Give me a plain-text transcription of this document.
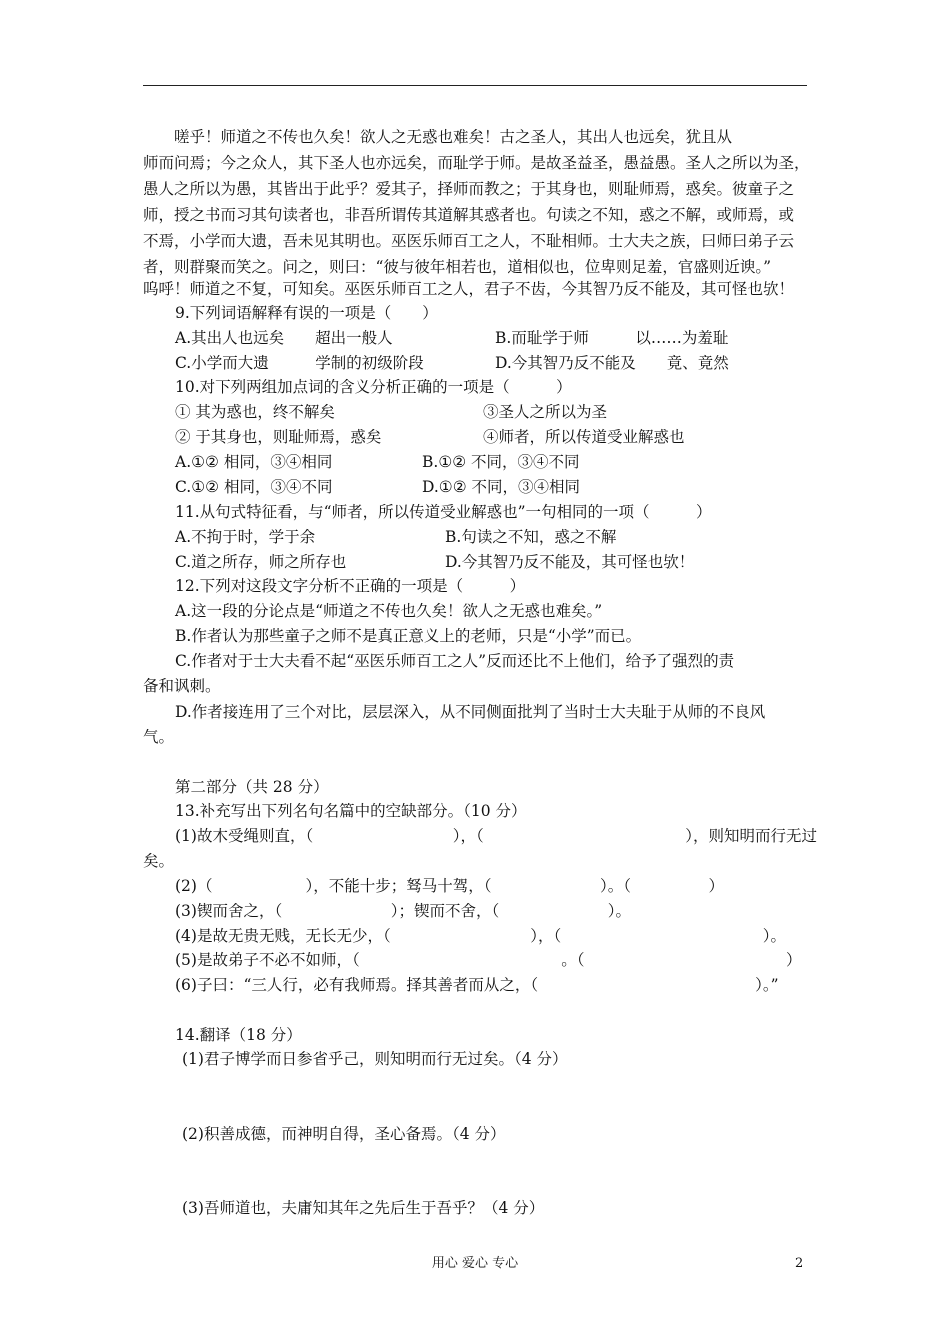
　　嗟乎！师道之不传也久矣！欲人之无惑也难矣！古之圣人，其出人也远矣，犹且从
师而问焉；今之众人，其下圣人也亦远矣，而耻学于师。是故圣益圣，愚益愚。圣人之所以为圣，
愚人之所以为愚，其皆出于此乎？爱其子，择师而教之；于其身也，则耻师焉，惑矣。彼童子之
师，授之书而习其句读者也，非吾所谓传其道解其惑者也。句读之不知，惑之不解，或师焉，或
不焉，小学而大遗，吾未见其明也。巫医乐师百工之人，不耻相师。士大夫之族，曰师曰弟子云
者，则群聚而笑之。问之，则曰：“彼与彼年相若也，道相似也，位卑则足羞，官盛则近谀。”
呜呼！师道之不复，可知矣。巫医乐师百工之人，君子不齿，今其智乃反不能及，其可怪也欤！
9.下列词语解释有误的一项是（　　）
A.其出人也远矣　　超出一般人	B.而耻学于师　　　以……为羞耻
C.小学而大遗　　　学制的初级阶段	D.今其智乃反不能及　　竟、竟然
10.对下列两组加点词的含义分析正确的一项是（　　　）
① 其为惑也，终不解矣	③圣人之所以为圣
② 于其身也，则耻师焉，惑矣	④师者，所以传道受业解惑也
A.①② 相同，③④相同	B.①② 不同，③④不同
C.①② 相同，③④不同	D.①② 不同，③④相同
11.从句式特征看，与“师者，所以传道受业解惑也”一句相同的一项（　　　）
A.不拘于时，学于余	B.句读之不知，惑之不解
C.道之所存，师之所存也	D.今其智乃反不能及，其可怪也欤！
12.下列对这段文字分析不正确的一项是（　　　）
A.这一段的分论点是“师道之不传也久矣！欲人之无惑也难矣。”
B.作者认为那些童子之师不是真正意义上的老师，只是“小学”而已。
C.作者对于士大夫看不起“巫医乐师百工之人”反而还比不上他们，给予了强烈的责
备和讽刺。
D.作者接连用了三个对比，层层深入，从不同侧面批判了当时士大夫耻于从师的不良风
气。
第二部分（共 28 分）
13.补充写出下列名句名篇中的空缺部分。（10 分）
(1)故木受绳则直，（　　　　　　　　　），（　　　　　　　　　　　　　），则知明而行无过
矣。
(2)（　　　　　　），不能十步；驽马十驾，（　　　　　　　）。（　　　　　）
(3)锲而舍之，（　　　　　　　）；锲而不舍，（　　　　　　　）。
(4)是故无贵无贱，无长无少，（　　　　　　　　　），（　　　　　　　　　　　　　）。
(5)是故弟子不必不如师，（　　　　　　　　　　　　　。（　　　　　　　　　　　　　）
(6)子曰：“三人行，必有我师焉。择其善者而从之，（　　　　　　　　　　　　　　）。”
14.翻译（18 分）
(1)君子博学而日参省乎己，则知明而行无过矣。（4 分）
(2)积善成德，而神明自得，圣心备焉。（4 分）
(3)吾师道也，夫庸知其年之先后生于吾乎？（4 分）
用心 爱心 专心	2
